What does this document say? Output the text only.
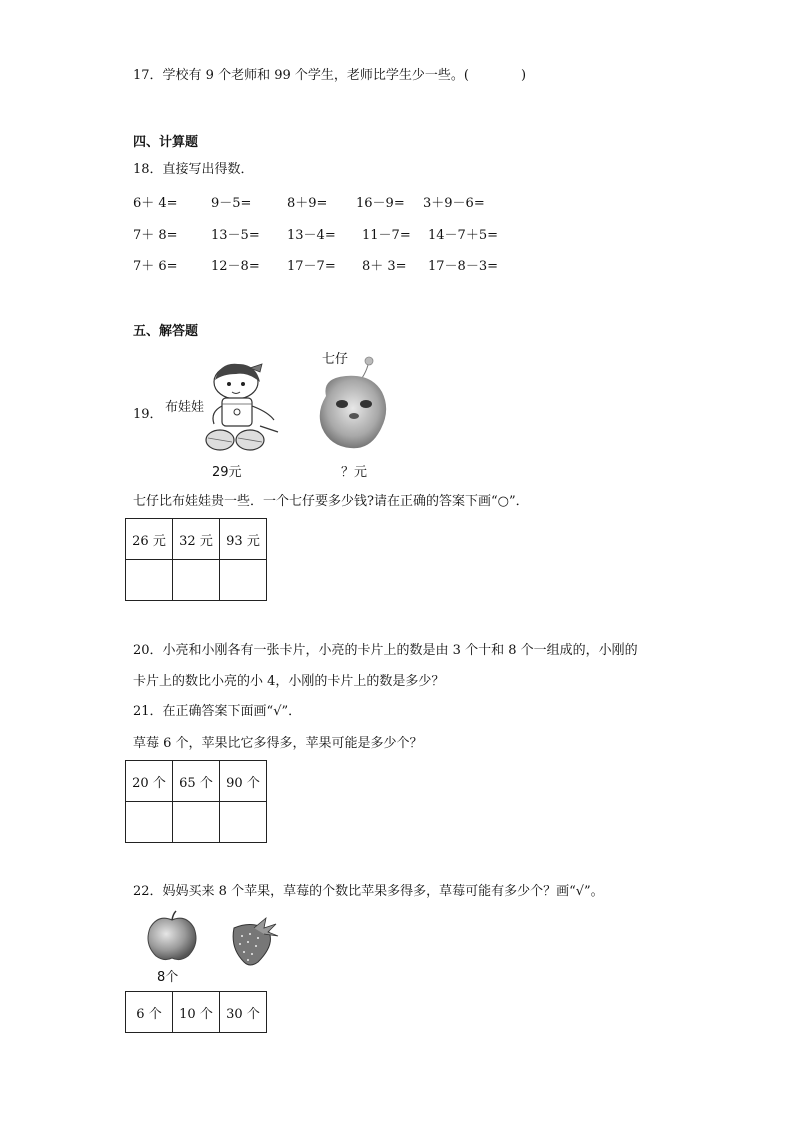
17．学校有 9 个老师和 99 个学生，老师比学生少一些。(　　　　)
四、计算题
18．直接写出得数．
6＋ 4=	9－5=	8＋9= 16－9= 3＋9－6=
7＋ 8=	13－5= 13－4= 11－7= 14－7＋5=
7＋ 6=	12－8= 17－7= 8＋ 3= 17－8－3=
五、解答题
19． 布娃娃
29元
七仔
？元
七仔比布娃娃贵一些．一个七仔要多少钱?请在正确的答案下画“○”．
26 元	32 元	93 元

20．小亮和小刚各有一张卡片，小亮的卡片上的数是由 3 个十和 8 个一组成的，小刚的
卡片上的数比小亮的小 4，小刚的卡片上的数是多少？
21．在正确答案下面画“√”．
草莓 6 个，苹果比它多得多，苹果可能是多少个？
20 个	65 个	90 个

22．妈妈买来 8 个苹果，草莓的个数比苹果多得多，草莓可能有多少个？画“√”。
8个
6 个	10 个	30 个
